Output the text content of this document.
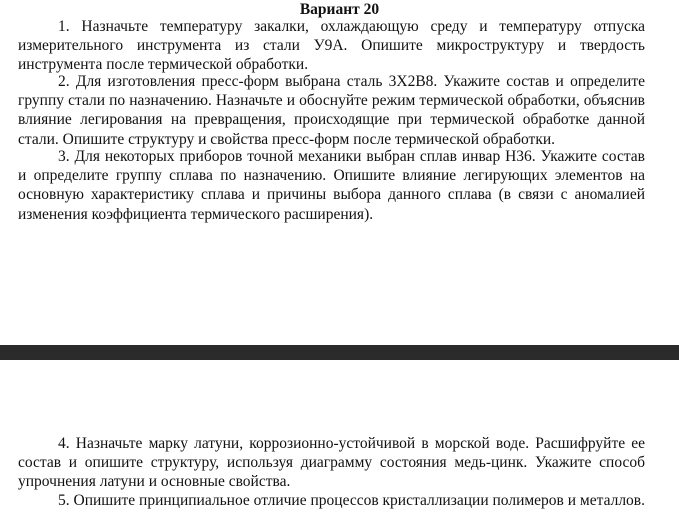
Вариант 20

1. Назначьте температуру закалки, охлаждающую среду и температуру отпуска измерительного инструмента из стали У9А. Опишите микроструктуру и твердость инструмента после термической обработки.

2. Для изготовления пресс-форм выбрана сталь 3Х2В8. Укажите состав и определите группу стали по назначению. Назначьте и обоснуйте режим термической обработки, объяснив влияние легирования на превращения, происходящие при термической обработке данной стали. Опишите структуру и свойства пресс-форм после термической обработки.

3. Для некоторых приборов точной механики выбран сплав инвар Н36. Укажите состав и определите группу сплава по назначению. Опишите влияние легирующих элементов на основную характеристику сплава и причины выбора данного сплава (в связи с аномалией изменения коэффициента термического расширения).

4. Назначьте марку латуни, коррозионно-устойчивой в морской воде. Расшифруйте ее состав и опишите структуру, используя диаграмму состояния медь-цинк. Укажите способ упрочнения латуни и основные свойства.

5. Опишите принципиальное отличие процессов кристаллизации полимеров и металлов.
